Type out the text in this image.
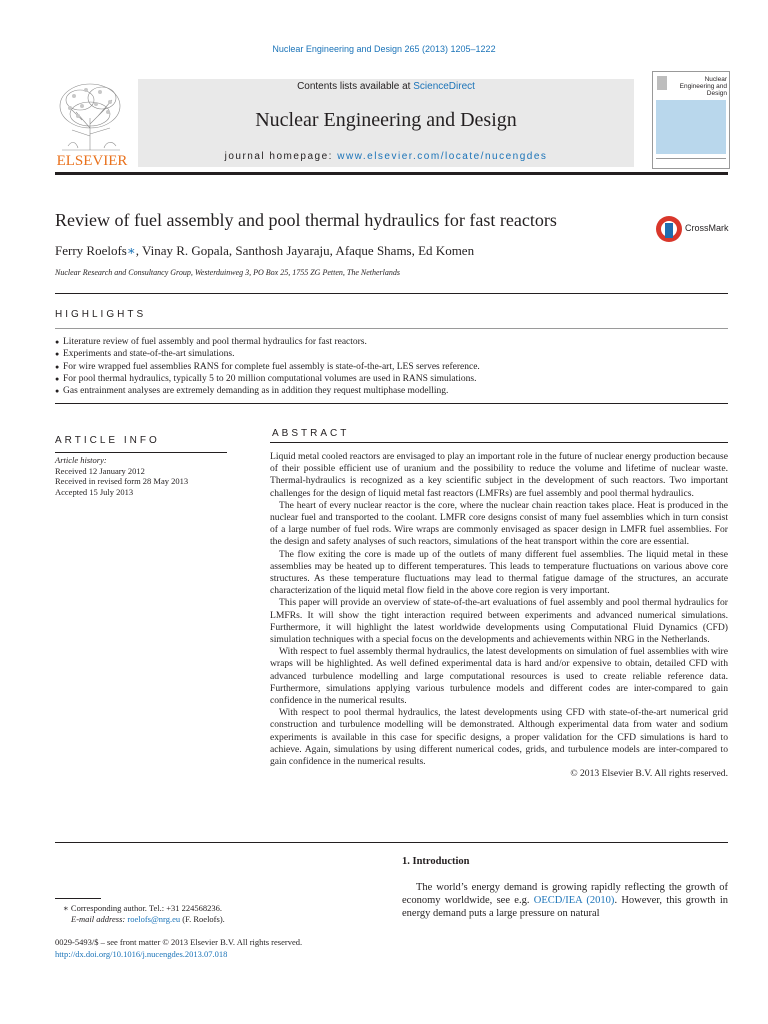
Nuclear Engineering and Design 265 (2013) 1205–1222
ELSEVIER
Contents lists available at ScienceDirect
Nuclear Engineering and Design
journal homepage: www.elsevier.com/locate/nucengdes
Nuclear Engineering and Design
Review of fuel assembly and pool thermal hydraulics for fast reactors	CrossMark
Ferry Roelofs∗, Vinay R. Gopala, Santhosh Jayaraju, Afaque Shams, Ed Komen
Nuclear Research and Consultancy Group, Westerduinweg 3, PO Box 25, 1755 ZG Petten, The Netherlands
HIGHLIGHTS
● Literature review of fuel assembly and pool thermal hydraulics for fast reactors.
● Experiments and state-of-the-art simulations.
● For wire wrapped fuel assemblies RANS for complete fuel assembly is state-of-the-art, LES serves reference.
● For pool thermal hydraulics, typically 5 to 20 million computational volumes are used in RANS simulations.
● Gas entrainment analyses are extremely demanding as in addition they request multiphase modelling.
ARTICLE INFO
Article history:
Received 12 January 2012
Received in revised form 28 May 2013
Accepted 15 July 2013
ABSTRACT

Liquid metal cooled reactors are envisaged to play an important role in the future of nuclear energy production because of their possible efficient use of uranium and the possibility to reduce the volume and lifetime of nuclear waste. Thermal-hydraulics is recognized as a key scientific subject in the development of such reactors. Two important challenges for the design of liquid metal fast reactors (LMFRs) are fuel assembly and pool thermal hydraulics.

The heart of every nuclear reactor is the core, where the nuclear chain reaction takes place. Heat is produced in the nuclear fuel and transported to the coolant. LMFR core designs consist of many fuel assemblies which in turn consist of a large number of fuel rods. Wire wraps are commonly envisaged as spacer design in LMFR fuel assemblies. For the design and safety analyses of such reactors, simulations of the heat transport within the core are essential.

The flow exiting the core is made up of the outlets of many different fuel assemblies. The liquid metal in these assemblies may be heated up to different temperatures. This leads to temperature fluctuations on various above core structures. As these temperature fluctuations may lead to thermal fatigue damage of the structures, an accurate characterization of the liquid metal flow field in the above core region is very important.

This paper will provide an overview of state-of-the-art evaluations of fuel assembly and pool thermal hydraulics for LMFRs. It will show the tight interaction required between experiments and advanced numerical simulations. Furthermore, it will highlight the latest worldwide developments using Computational Fluid Dynamics (CFD) simulation techniques with a special focus on the developments and achievements within NRG in the Netherlands.

With respect to fuel assembly thermal hydraulics, the latest developments on simulation of fuel assemblies with wire wraps will be highlighted. As well defined experimental data is hard and/or expensive to obtain, detailed CFD with advanced turbulence modelling and large computational resources is used to create reliable reference data. Furthermore, simulations applying various turbulence models and different codes are inter-compared to gain confidence in the numerical results.

With respect to pool thermal hydraulics, the latest developments using CFD with state-of-the-art numerical grid construction and turbulence modelling will be demonstrated. Although experimental data from water and sodium experiments is available in this case for specific designs, a proper validation for the CFD simulations is hard to achieve. Again, simulations by using different numerical codes, grids, and turbulence models are inter-compared to gain confidence in the numerical results.

© 2013 Elsevier B.V. All rights reserved.

1. Introduction
The world’s energy demand is growing rapidly reflecting the growth of economy worldwide, see e.g. OECD/IEA (2010). However, this growth in energy demand puts a large pressure on natural
∗ Corresponding author. Tel.: +31 224568236.
E-mail address: roelofs@nrg.eu (F. Roelofs).
0029-5493/$ – see front matter © 2013 Elsevier B.V. All rights reserved.
http://dx.doi.org/10.1016/j.nucengdes.2013.07.018
